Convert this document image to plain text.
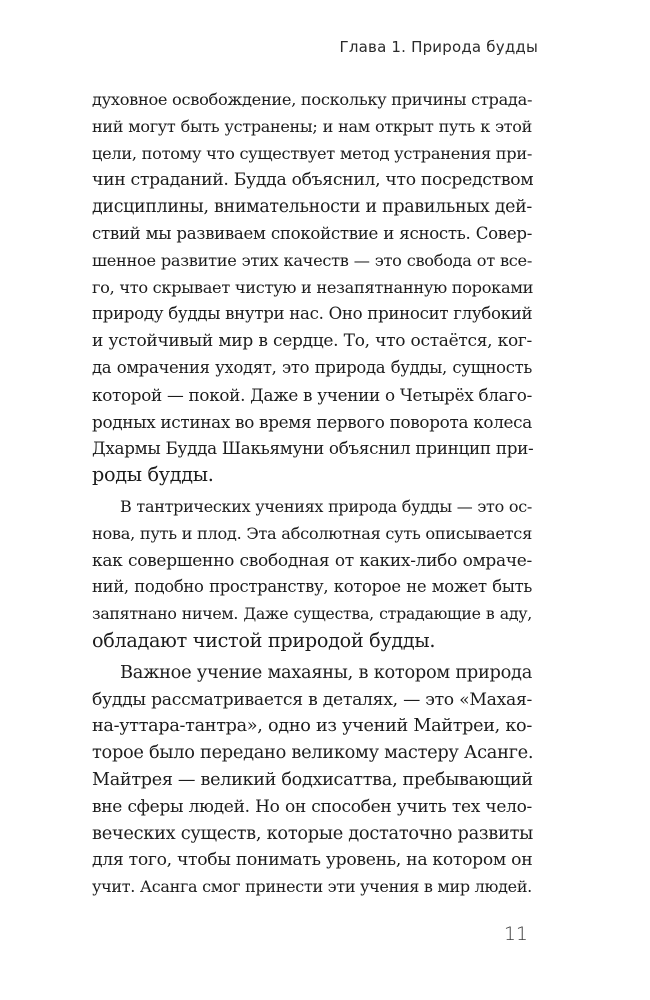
Глава 1. Природа будды
духовное освобождение, поскольку причины страда-
ний могут быть устранены; и нам открыт путь к этой
цели, потому что существует метод устранения при-
чин страданий. Будда объяснил, что посредством
дисциплины, внимательности и правильных дей-
ствий мы развиваем спокойствие и ясность. Совер-
шенное развитие этих качеств — это свобода от все-
го, что скрывает чистую и незапятнанную пороками
природу будды внутри нас. Оно приносит глубокий
и устойчивый мир в сердце. То, что остаётся, ког-
да омрачения уходят, это природа будды, сущность
которой — покой. Даже в учении о Четырёх благо-
родных истинах во время первого поворота колеса
Дхармы Будда Шакьямуни объяснил принцип при-
роды будды.
В тантрических учениях природа будды — это ос-
нова, путь и плод. Эта абсолютная суть описывается
как совершенно свободная от каких-либо омраче-
ний, подобно пространству, которое не может быть
запятнано ничем. Даже существа, страдающие в аду,
обладают чистой природой будды.
Важное учение махаяны, в котором природа
будды рассматривается в деталях, — это «Махая-
на-уттара-тантра», одно из учений Майтреи, ко-
торое было передано великому мастеру Асанге.
Майтрея — великий бодхисаттва, пребывающий
вне сферы людей. Но он способен учить тех чело-
веческих существ, которые достаточно развиты
для того, чтобы понимать уровень, на котором он
учит. Асанга смог принести эти учения в мир людей.
11
